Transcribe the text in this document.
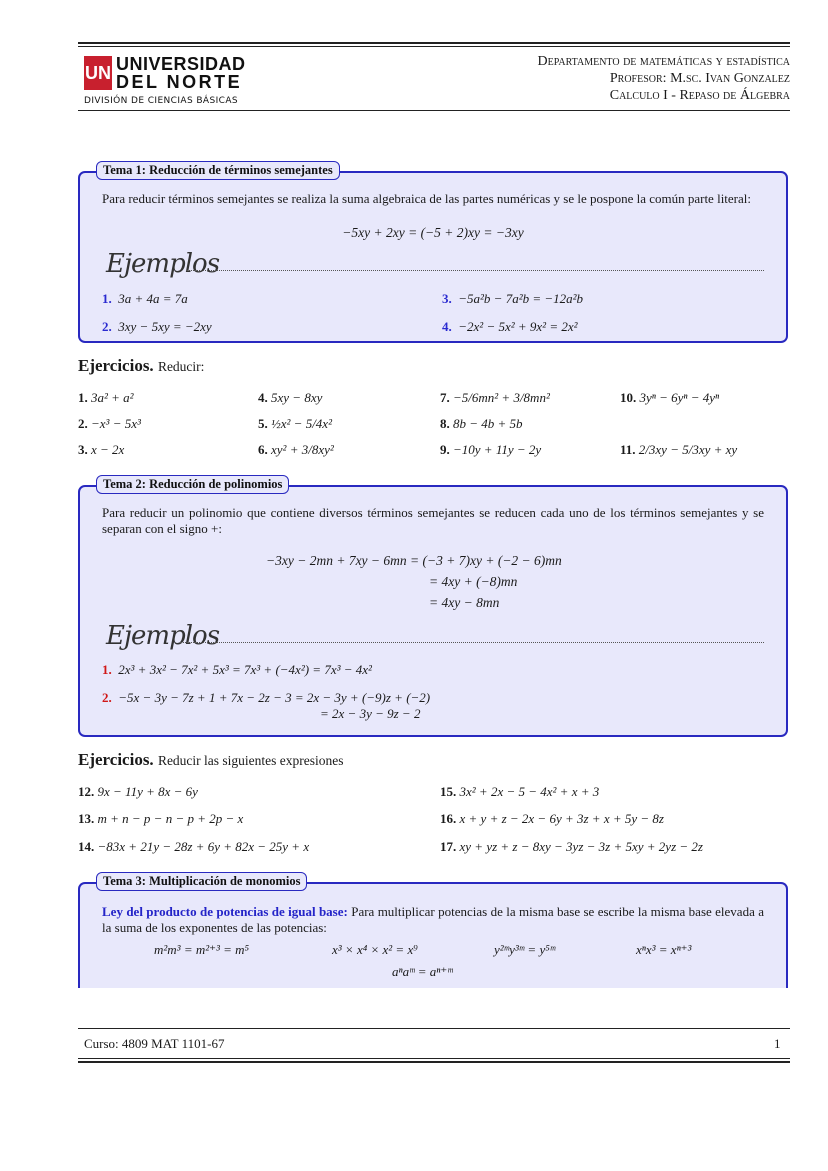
UN UNIVERSIDAD
DEL NORTE
DIVISIÓN DE CIENCIAS BÁSICAS
Departamento de matemáticas y estadística
Profesor: M.sc. Ivan Gonzalez
Calculo I - Repaso de Álgebra
Tema 1: Reducción de términos semejantes
Para reducir términos semejantes se realiza la suma algebraica de las partes numéricas y se le pospone la común parte literal:
−5xy + 2xy = (−5 + 2)xy = −3xy
Ejemplos
1. 3a + 4a = 7a
2. 3xy − 5xy = −2xy
3. −5a²b − 7a²b = −12a²b
4. −2x² − 5x² + 9x² = 2x²
Ejercicios. Reducir:
1. 3a² + a²
2. −x³ − 5x³
3. x − 2x
4. 5xy − 8xy
5. ½x² − 5/4x²
6. xy² + 3/8xy²
7. −5/6mn² + 3/8mn²
8. 8b − 4b + 5b
9. −10y + 11y − 2y
10. 3yⁿ − 6yⁿ − 4yⁿ
11. 2/3xy − 5/3xy + xy
Tema 2: Reducción de polinomios
Para reducir un polinomio que contiene diversos términos semejantes se reducen cada uno de los términos semejantes y se separan con el signo +:
−3xy − 2mn + 7xy − 6mn = (−3 + 7)xy + (−2 − 6)mn
= 4xy + (−8)mn
= 4xy − 8mn
Ejemplos
1. 2x³ + 3x² − 7x² + 5x³ = 7x³ + (−4x²) = 7x³ − 4x²
2. −5x − 3y − 7z + 1 + 7x − 2z − 3 = 2x − 3y + (−9)z + (−2)
= 2x − 3y − 9z − 2
Ejercicios. Reducir las siguientes expresiones
12. 9x − 11y + 8x − 6y
13. m + n − p − n − p + 2p − x
14. −83x + 21y − 28z + 6y + 82x − 25y + x
15. 3x² + 2x − 5 − 4x² + x + 3
16. x + y + z − 2x − 6y + 3z + x + 5y − 8z
17. xy + yz + z − 8xy − 3yz − 3z + 5xy + 2yz − 2z
Tema 3: Multiplicación de monomios
Ley del producto de potencias de igual base: Para multiplicar potencias de la misma base se escribe la misma base elevada a la suma de los exponentes de las potencias:
m²m³ = m²⁺³ = m⁵	x³ × x⁴ × x² = x⁹	y²ᵐy³ᵐ = y⁵ᵐ	xⁿx³ = xⁿ⁺³
aⁿaᵐ = aⁿ⁺ᵐ
Curso: 4809 MAT 1101-67	1
